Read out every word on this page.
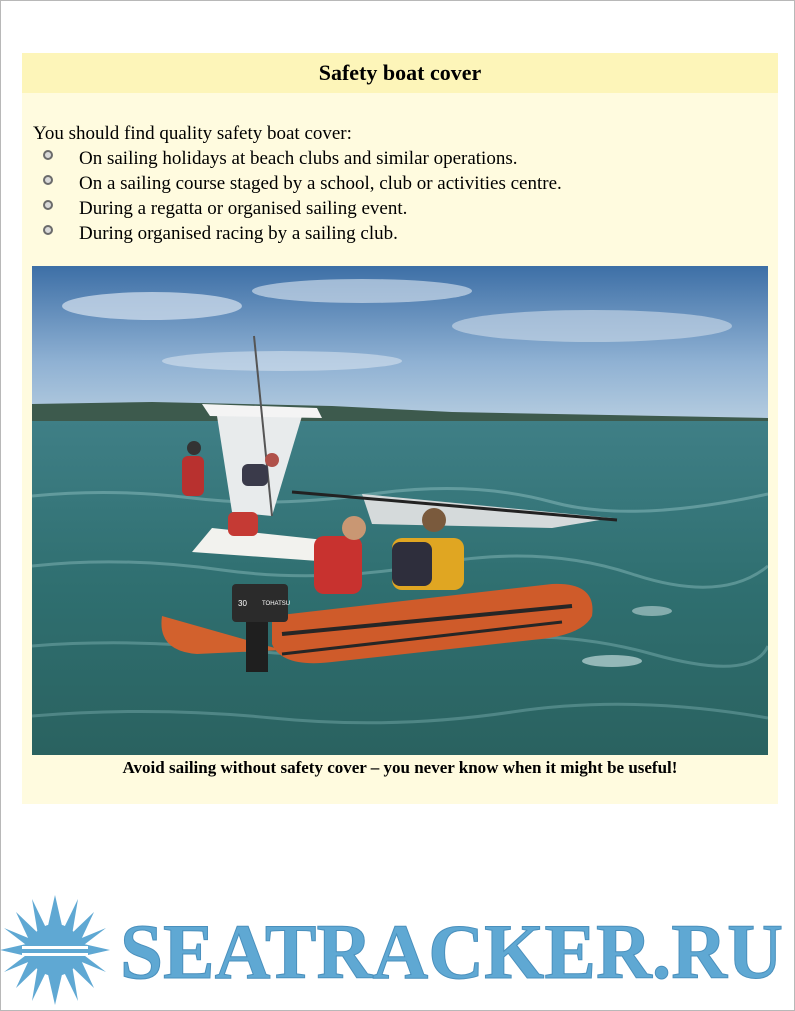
Safety boat cover
You should find quality safety boat cover:
On sailing holidays at beach clubs and similar operations.
On a sailing course staged by a school, club or activities centre.
During a regatta or organised sailing event.
During organised racing by a sailing club.
30	TOHATSU
Avoid sailing without safety cover – you never know when it might be useful!
SEATRACKER.RU
